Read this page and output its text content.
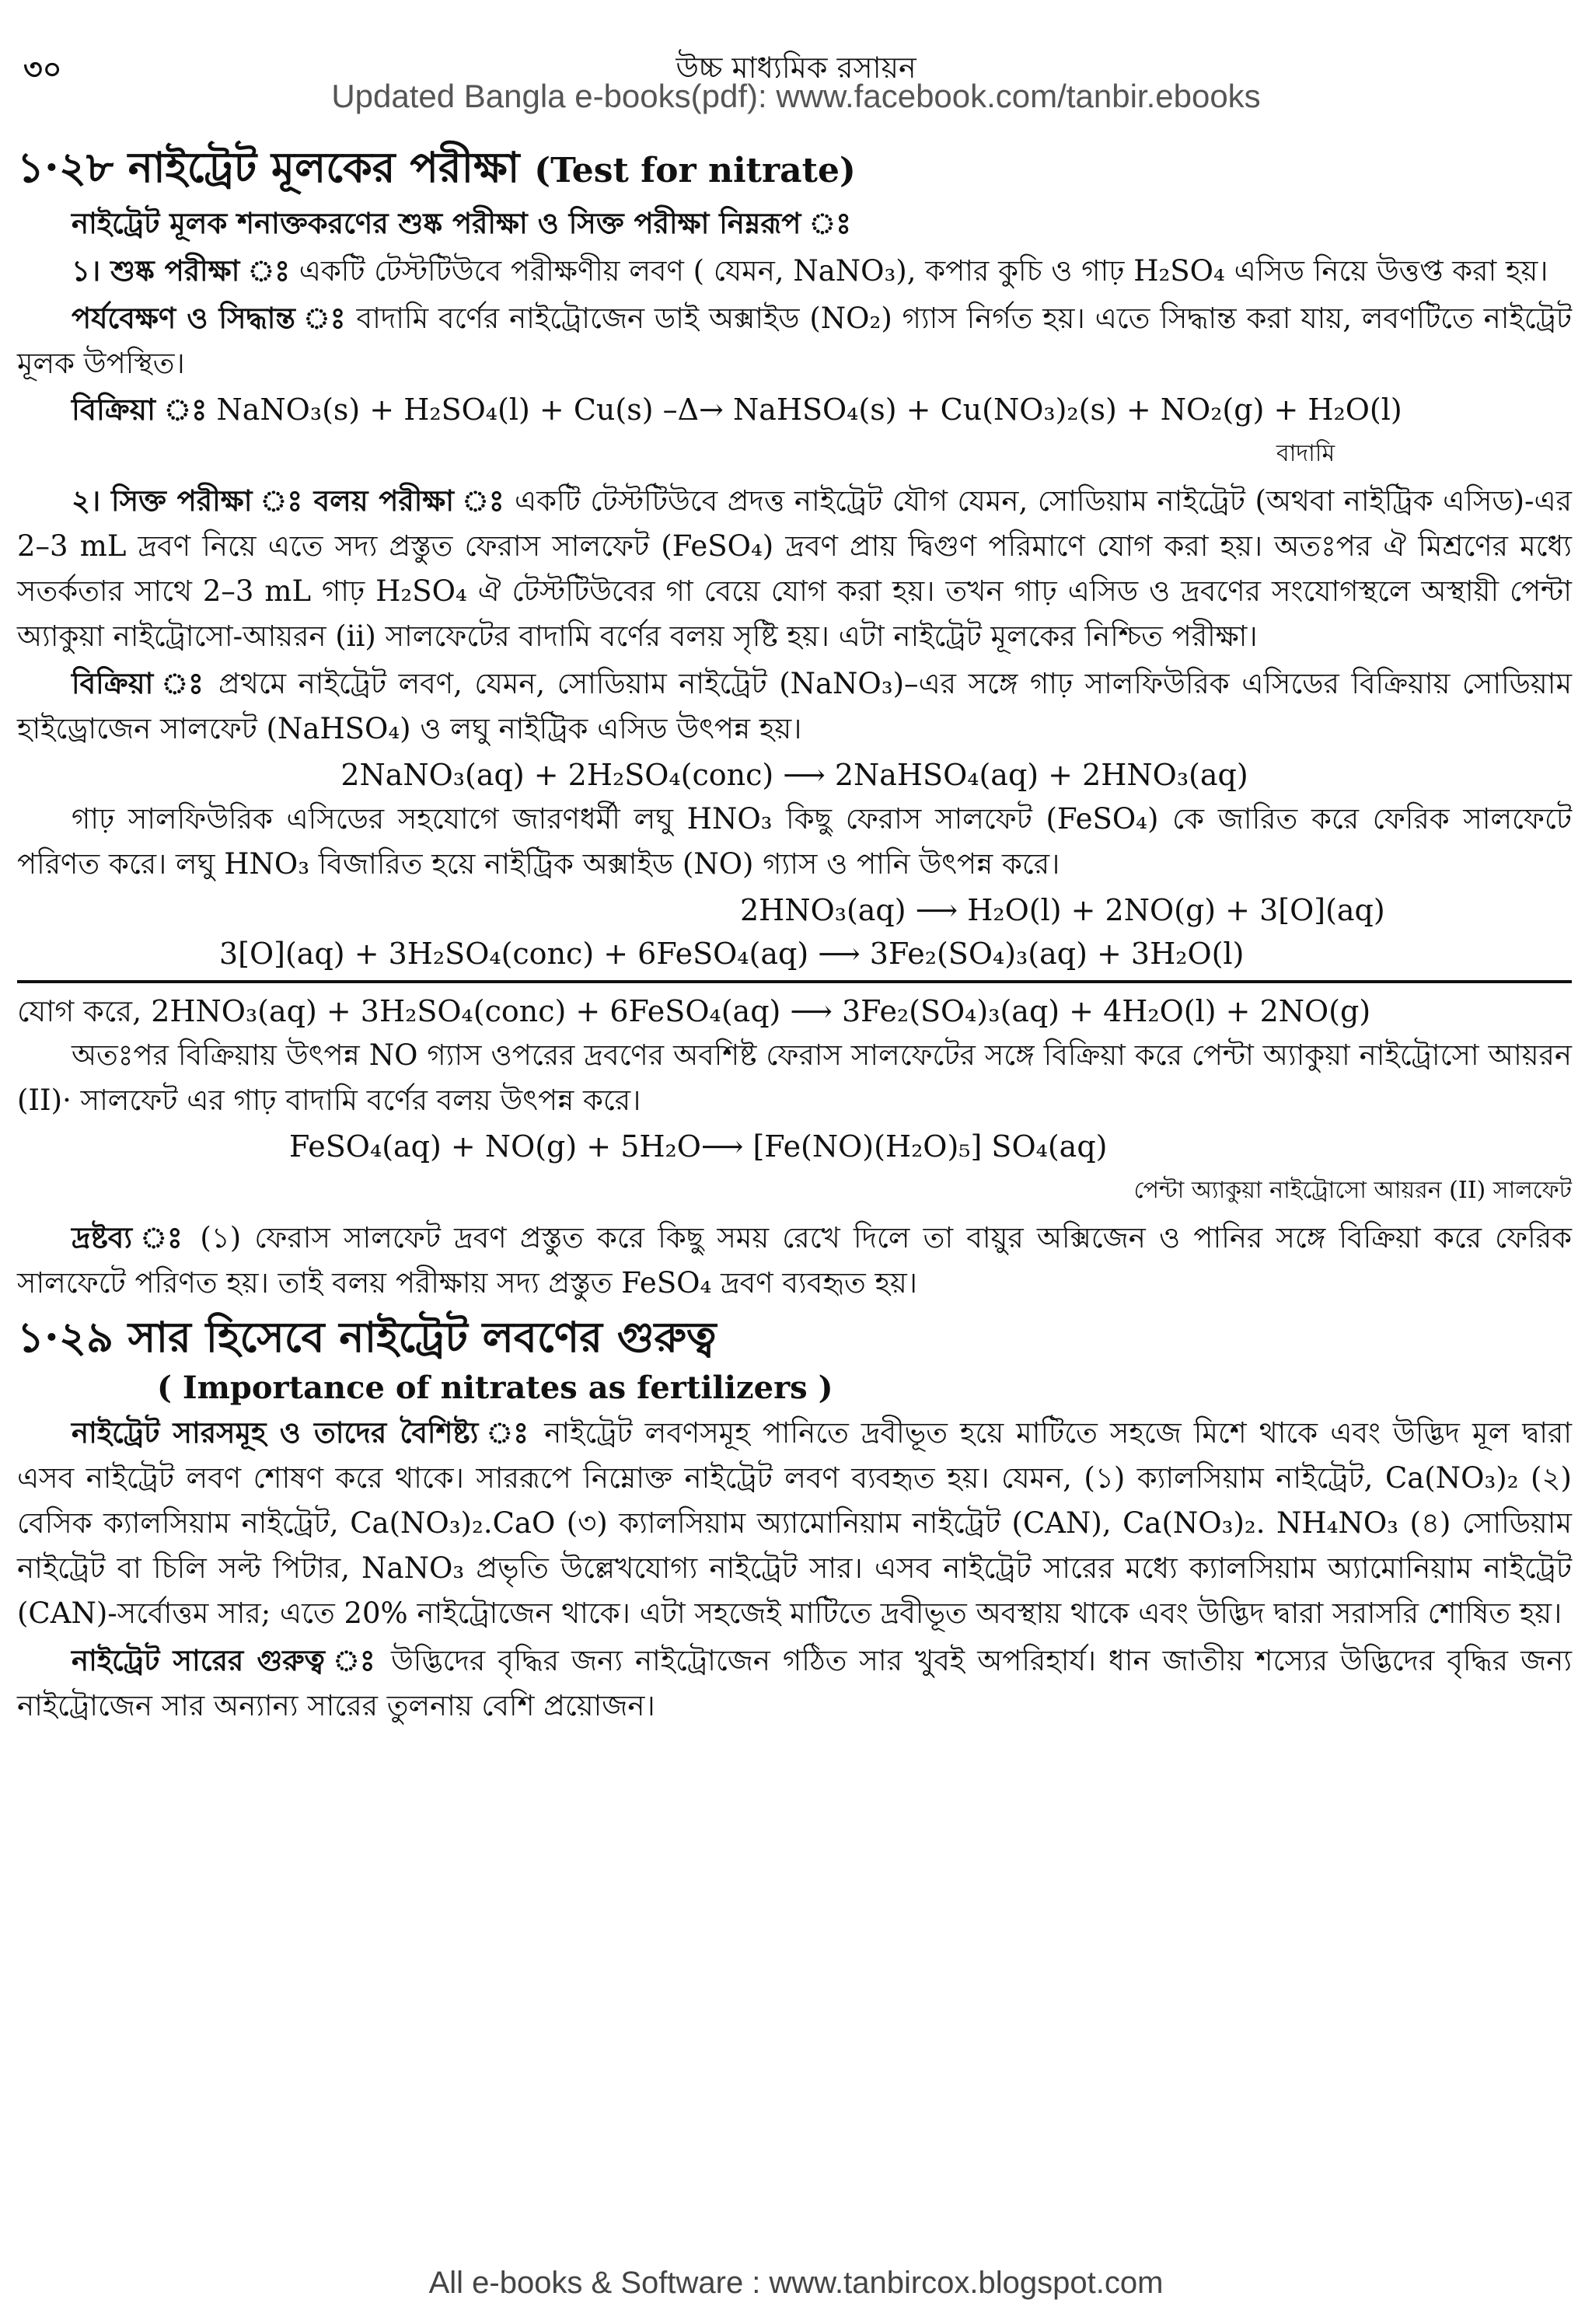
৩০	উচ্চ মাধ্যমিক রসায়ন
Updated Bangla e-books(pdf): www.facebook.com/tanbir.ebooks
১·২৮ নাইট্রেট মূলকের পরীক্ষা (Test for nitrate)

নাইট্রেট মূলক শনাক্তকরণের শুষ্ক পরীক্ষা ও সিক্ত পরীক্ষা নিম্নরূপ ঃ

১। শুষ্ক পরীক্ষা ঃ একটি টেস্টটিউবে পরীক্ষণীয় লবণ ( যেমন, NaNO₃), কপার কুচি ও গাঢ় H₂SO₄ এসিড নিয়ে উত্তপ্ত করা হয়।

পর্যবেক্ষণ ও সিদ্ধান্ত ঃ বাদামি বর্ণের নাইট্রোজেন ডাই অক্সাইড (NO₂) গ্যাস নির্গত হয়। এতে সিদ্ধান্ত করা যায়, লবণটিতে নাইট্রেট মূলক উপস্থিত।

বিক্রিয়া ঃ NaNO₃(s) + H₂SO₄(l) + Cu(s) –Δ→ NaHSO₄(s) + Cu(NO₃)₂(s) + NO₂(g) + H₂O(l)

বাদামি

২। সিক্ত পরীক্ষা ঃ বলয় পরীক্ষা ঃ একটি টেস্টটিউবে প্রদত্ত নাইট্রেট যৌগ যেমন, সোডিয়াম নাইট্রেট (অথবা নাইট্রিক এসিড)-এর 2–3 mL দ্রবণ নিয়ে এতে সদ্য প্রস্তুত ফেরাস সালফেট (FeSO₄) দ্রবণ প্রায় দ্বিগুণ পরিমাণে যোগ করা হয়। অতঃপর ঐ মিশ্রণের মধ্যে সতর্কতার সাথে 2–3 mL গাঢ় H₂SO₄ ঐ টেস্টটিউবের গা বেয়ে যোগ করা হয়। তখন গাঢ় এসিড ও দ্রবণের সংযোগস্থলে অস্থায়ী পেন্টা অ্যাকুয়া নাইট্রোসো-আয়রন (ii) সালফেটের বাদামি বর্ণের বলয় সৃষ্টি হয়। এটা নাইট্রেট মূলকের নিশ্চিত পরীক্ষা।

বিক্রিয়া ঃ প্রথমে নাইট্রেট লবণ, যেমন, সোডিয়াম নাইট্রেট (NaNO₃)–এর সঙ্গে গাঢ় সালফিউরিক এসিডের বিক্রিয়ায় সোডিয়াম হাইড্রোজেন সালফেট (NaHSO₄) ও লঘু নাইট্রিক এসিড উৎপন্ন হয়।

2NaNO₃(aq) + 2H₂SO₄(conc) ⟶ 2NaHSO₄(aq) + 2HNO₃(aq)

গাঢ় সালফিউরিক এসিডের সহযোগে জারণধর্মী লঘু HNO₃ কিছু ফেরাস সালফেট (FeSO₄) কে জারিত করে ফেরিক সালফেটে পরিণত করে। লঘু HNO₃ বিজারিত হয়ে নাইট্রিক অক্সাইড (NO) গ্যাস ও পানি উৎপন্ন করে।

2HNO₃(aq) ⟶ H₂O(l) + 2NO(g) + 3[O](aq)

3[O](aq) + 3H₂SO₄(conc) + 6FeSO₄(aq) ⟶ 3Fe₂(SO₄)₃(aq) + 3H₂O(l)

যোগ করে, 2HNO₃(aq) + 3H₂SO₄(conc) + 6FeSO₄(aq) ⟶ 3Fe₂(SO₄)₃(aq) + 4H₂O(l) + 2NO(g)

অতঃপর বিক্রিয়ায় উৎপন্ন NO গ্যাস ওপরের দ্রবণের অবশিষ্ট ফেরাস সালফেটের সঙ্গে বিক্রিয়া করে পেন্টা অ্যাকুয়া নাইট্রোসো আয়রন (II)· সালফেট এর গাঢ় বাদামি বর্ণের বলয় উৎপন্ন করে।

FeSO₄(aq) + NO(g) + 5H₂O⟶ [Fe(NO)(H₂O)₅] SO₄(aq)

পেন্টা অ্যাকুয়া নাইট্রোসো আয়রন (II) সালফেট

দ্রষ্টব্য ঃ (১) ফেরাস সালফেট দ্রবণ প্রস্তুত করে কিছু সময় রেখে দিলে তা বায়ুর অক্সিজেন ও পানির সঙ্গে বিক্রিয়া করে ফেরিক সালফেটে পরিণত হয়। তাই বলয় পরীক্ষায় সদ্য প্রস্তুত FeSO₄ দ্রবণ ব্যবহৃত হয়।

১·২৯ সার হিসেবে নাইট্রেট লবণের গুরুত্ব
( Importance of nitrates as fertilizers )

নাইট্রেট সারসমূহ ও তাদের বৈশিষ্ট্য ঃ নাইট্রেট লবণসমূহ পানিতে দ্রবীভূত হয়ে মাটিতে সহজে মিশে থাকে এবং উদ্ভিদ মূল দ্বারা এসব নাইট্রেট লবণ শোষণ করে থাকে। সাররূপে নিম্নোক্ত নাইট্রেট লবণ ব্যবহৃত হয়। যেমন, (১) ক্যালসিয়াম নাইট্রেট, Ca(NO₃)₂ (২) বেসিক ক্যালসিয়াম নাইট্রেট, Ca(NO₃)₂.CaO (৩) ক্যালসিয়াম অ্যামোনিয়াম নাইট্রেট (CAN), Ca(NO₃)₂. NH₄NO₃ (৪) সোডিয়াম নাইট্রেট বা চিলি সল্ট পিটার, NaNO₃ প্রভৃতি উল্লেখযোগ্য নাইট্রেট সার। এসব নাইট্রেট সারের মধ্যে ক্যালসিয়াম অ্যামোনিয়াম নাইট্রেট (CAN)-সর্বোত্তম সার; এতে 20% নাইট্রোজেন থাকে। এটা সহজেই মাটিতে দ্রবীভূত অবস্থায় থাকে এবং উদ্ভিদ দ্বারা সরাসরি শোষিত হয়।

নাইট্রেট সারের গুরুত্ব ঃ উদ্ভিদের বৃদ্ধির জন্য নাইট্রোজেন গঠিত সার খুবই অপরিহার্য। ধান জাতীয় শস্যের উদ্ভিদের বৃদ্ধির জন্য নাইট্রোজেন সার অন্যান্য সারের তুলনায় বেশি প্রয়োজন।

All e-books & Software : www.tanbircox.blogspot.com
